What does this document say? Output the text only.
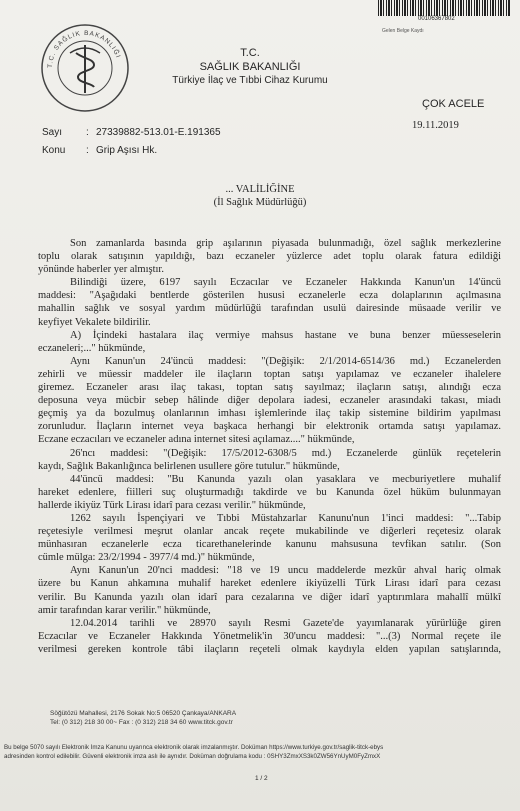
00106367802
Gelen Belge Kaydı
T.C. SAĞLIK BAKANLIĞI	T.C.
SAĞLIK BAKANLIĞI
Türkiye İlaç ve Tıbbi Cihaz Kurumu
ÇOK ACELE
19.11.2019
Sayı : 27339882-513.01-E.191365
Konu : Grip Aşısı Hk.
... VALİLİĞİNE
(İl Sağlık Müdürlüğü)
Son zamanlarda basında grip aşılarının piyasada bulunmadığı, özel sağlık merkezlerine
toplu olarak satışının yapıldığı, bazı eczaneler yüzlerce adet toplu olarak fatura edildiği
yönünde haberler yer almıştır.
Bilindiği üzere, 6197 sayılı Eczacılar ve Eczaneler Hakkında Kanun'un 14'üncü
maddesi: "Aşağıdaki bentlerde gösterilen hususi eczanelerle ecza dolaplarının açılmasına
mahallin sağlık ve sosyal yardım müdürlüğü tarafından usulü dairesinde müsaade verilir ve
keyfiyet Vekalete bildirilir.
A) İçindeki hastalara ilaç vermiye mahsus hastane ve buna benzer müesseselerin
eczaneleri;..." hükmünde,
Aynı Kanun'un 24'üncü maddesi: "(Değişik: 2/1/2014-6514/36 md.) Eczanelerden
zehirli ve müessir maddeler ile ilaçların toptan satışı yapılamaz ve eczaneler ihalelere
giremez. Eczaneler arası ilaç takası, toptan satış sayılmaz; ilaçların satışı, alındığı ecza
deposuna veya mücbir sebep hâlinde diğer depolara iadesi, eczaneler arasındaki takası, miadı
geçmiş ya da bozulmuş olanlarının imhası işlemlerinde ilaç takip sistemine bildirim yapılması
zorunludur. İlaçların internet veya başkaca herhangi bir elektronik ortamda satışı yapılamaz.
Eczane eczacıları ve eczaneler adına internet sitesi açılamaz...." hükmünde,
26'ncı maddesi: "(Değişik: 17/5/2012-6308/5 md.) Eczanelerde günlük reçetelerin
kaydı, Sağlık Bakanlığınca belirlenen usullere göre tutulur." hükmünde,
44'üncü maddesi: "Bu Kanunda yazılı olan yasaklara ve mecburiyetlere muhalif
hareket edenlere, fiilleri suç oluşturmadığı takdirde ve bu Kanunda özel hüküm bulunmayan
hallerde ikiyüz Türk Lirası idarî para cezası verilir." hükmünde,
1262 sayılı İspençiyari ve Tıbbi Müstahzarlar Kanunu'nun 1'inci maddesi: "...Tabip
reçetesiyle verilmesi meşrut olanlar ancak reçete mukabilinde ve diğerleri reçetesiz olarak
münhasıran eczanelerle ecza ticarethanelerinde kanunu mahsusuna tevfikan satılır. (Son
cümle mülga: 23/2/1994 - 3977/4 md.)" hükmünde,
Aynı Kanun'un 20'nci maddesi: "18 ve 19 uncu maddelerde mezkûr ahval hariç olmak
üzere bu Kanun ahkamına muhalif hareket edenlere ikiyüzelli Türk Lirası idarî para cezası
verilir. Bu Kanunda yazılı olan idarî para cezalarına ve diğer idarî yaptırımlara mahallî mülkî
amir tarafından karar verilir." hükmünde,
12.04.2014 tarihli ve 28970 sayılı Resmi Gazete'de yayımlanarak yürürlüğe giren
Eczacılar ve Eczaneler Hakkında Yönetmelik'in 30'uncu maddesi: "...(3) Normal reçete ile
verilmesi gereken kontrole tâbi ilaçların reçeteli olmak kaydıyla elden yapılan satışlarında,
Söğütözü Mahallesi, 2176 Sokak No:5 06520 Çankaya/ANKARA
Tel: (0 312) 218 30 00~ Fax : (0 312) 218 34 60 www.titck.gov.tr
Bu belge 5070 sayılı Elektronik İmza Kanunu uyarınca elektronik olarak imzalanmıştır. Doküman https://www.turkiye.gov.tr/saglik-titck-ebys
adresinden kontrol edilebilir. Güvenli elektronik imza aslı ile aynıdır. Doküman doğrulama kodu : 0SHY3ZmxXS3k0ZW56YnUyM0FyZmxX
1 / 2
